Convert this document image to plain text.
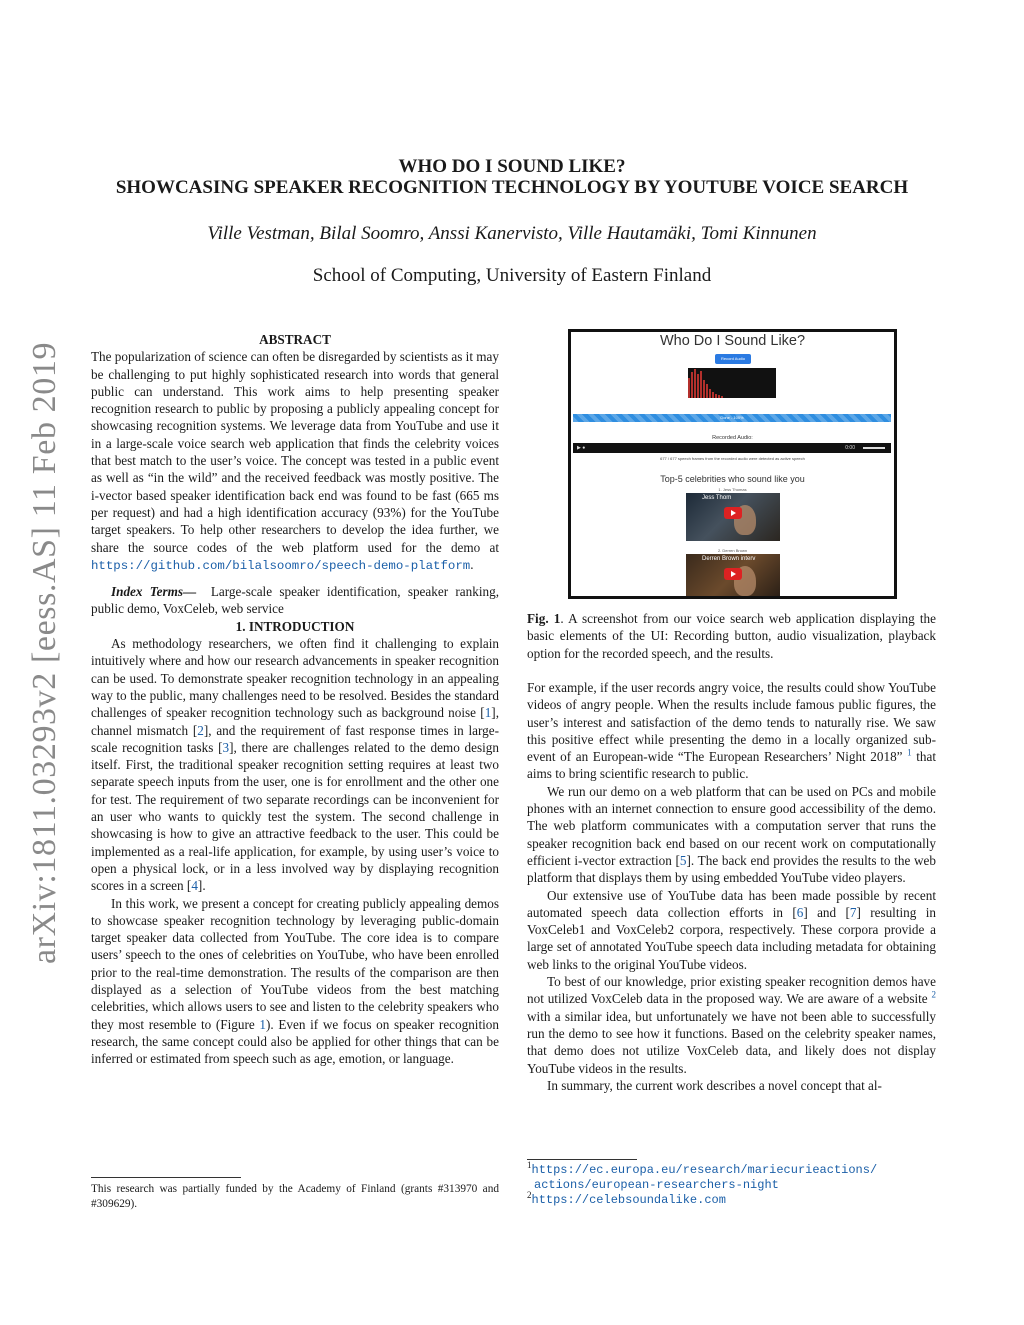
arXiv:1811.03293v2 [eess.AS] 11 Feb 2019
WHO DO I SOUND LIKE?
SHOWCASING SPEAKER RECOGNITION TECHNOLOGY BY YOUTUBE VOICE SEARCH
Ville Vestman, Bilal Soomro, Anssi Kanervisto, Ville Hautamäki, Tomi Kinnunen
School of Computing, University of Eastern Finland

ABSTRACT

The popularization of science can often be disregarded by scientists as it may be challenging to put highly sophisticated research into words that general public can understand. This work aims to help presenting speaker recognition research to public by proposing a publicly appealing concept for showcasing recognition systems. We leverage data from YouTube and use it in a large-scale voice search web application that finds the celebrity voices that best match to the user’s voice. The concept was tested in a public event as well as “in the wild” and the received feedback was mostly positive. The i-vector based speaker identification back end was found to be fast (665 ms per request) and had a high identification accuracy (93%) for the YouTube target speakers. To help other researchers to develop the idea further, we share the source codes of the web platform used for the demo at https://github.com/bilalsoomro/speech-demo-platform.

Index Terms— Large-scale speaker identification, speaker ranking, public demo, VoxCeleb, web service

1. INTRODUCTION

As methodology researchers, we often find it challenging to explain intuitively where and how our research advancements in speaker recognition can be used. To demonstrate speaker recognition technology in an appealing way to the public, many challenges need to be resolved. Besides the standard challenges of speaker recognition technology such as background noise [1], channel mismatch [2], and the requirement of fast response times in large-scale recognition tasks [3], there are challenges related to the demo design itself. First, the traditional speaker recognition setting requires at least two separate speech inputs from the user, one is for enrollment and the other one for test. The requirement of two separate recordings can be inconvenient for an user who wants to quickly test the system. The second challenge in showcasing is how to give an attractive feedback to the user. This could be implemented as a real-life application, for example, by using user’s voice to open a physical lock, or in a less involved way by displaying recognition scores in a screen [4].

In this work, we present a concept for creating publicly appealing demos to showcase speaker recognition technology by leveraging public-domain target speaker data collected from YouTube. The core idea is to compare users’ speech to the ones of celebrities on YouTube, who have been enrolled prior to the real-time demonstration. The results of the comparison are then displayed as a selection of YouTube videos from the best matching celebrities, which allows users to see and listen to the celebrity speakers who they most resemble to (Figure 1). Even if we focus on speaker recognition research, the same concept could also be applied for other things that can be inferred or estimated from speech such as age, emotion, or language.

This research was partially funded by the Academy of Finland (grants #313970 and #309629).
Who Do I Sound Like?
Record Audio
Done - 100%
Recorded Audio:
▶ ●	0:00
677 / 677 speech frames from the recorded audio were detected as active speech
Top-5 celebrities who sound like you
1. Jess Thomas
Jess Thom
2. Derren Brown
Derren Brown interv
Fig. 1. A screenshot from our voice search web application displaying the basic elements of the UI: Recording button, audio visualization, playback option for the recorded speech, and the results.

For example, if the user records angry voice, the results could show YouTube videos of angry people. When the results include famous public figures, the user’s interest and satisfaction of the demo tends to naturally rise. We saw this positive effect while presenting the demo in a locally organized sub-event of an European-wide “The European Researchers’ Night 2018” $^1$ that aims to bring scientific research to public.

We run our demo on a web platform that can be used on PCs and mobile phones with an internet connection to ensure good accessibility of the demo. The web platform communicates with a computation server that runs the speaker recognition back end based on our recent work on computationally efficient i-vector extraction [5]. The back end provides the results to the web platform that displays them by using embedded YouTube video players.

Our extensive use of YouTube data has been made possible by recent automated speech data collection efforts in [6] and [7] resulting in VoxCeleb1 and VoxCeleb2 corpora, respectively. These corpora provide a large set of annotated YouTube speech data including metadata for obtaining web links to the original YouTube videos.

To best of our knowledge, prior existing speaker recognition demos have not utilized VoxCeleb data in the proposed way. We are aware of a website $^2$ with a similar idea, but unfortunately we have not been able to successfully run the demo to see how it functions. Based on the celebrity speaker names, that demo does not utilize VoxCeleb data, and likely does not display YouTube videos in the results.

In summary, the current work describes a novel concept that al-

$^1$https://ec.europa.eu/research/mariecurieactions/
actions/european-researchers-night
$^2$https://celebsoundalike.com
